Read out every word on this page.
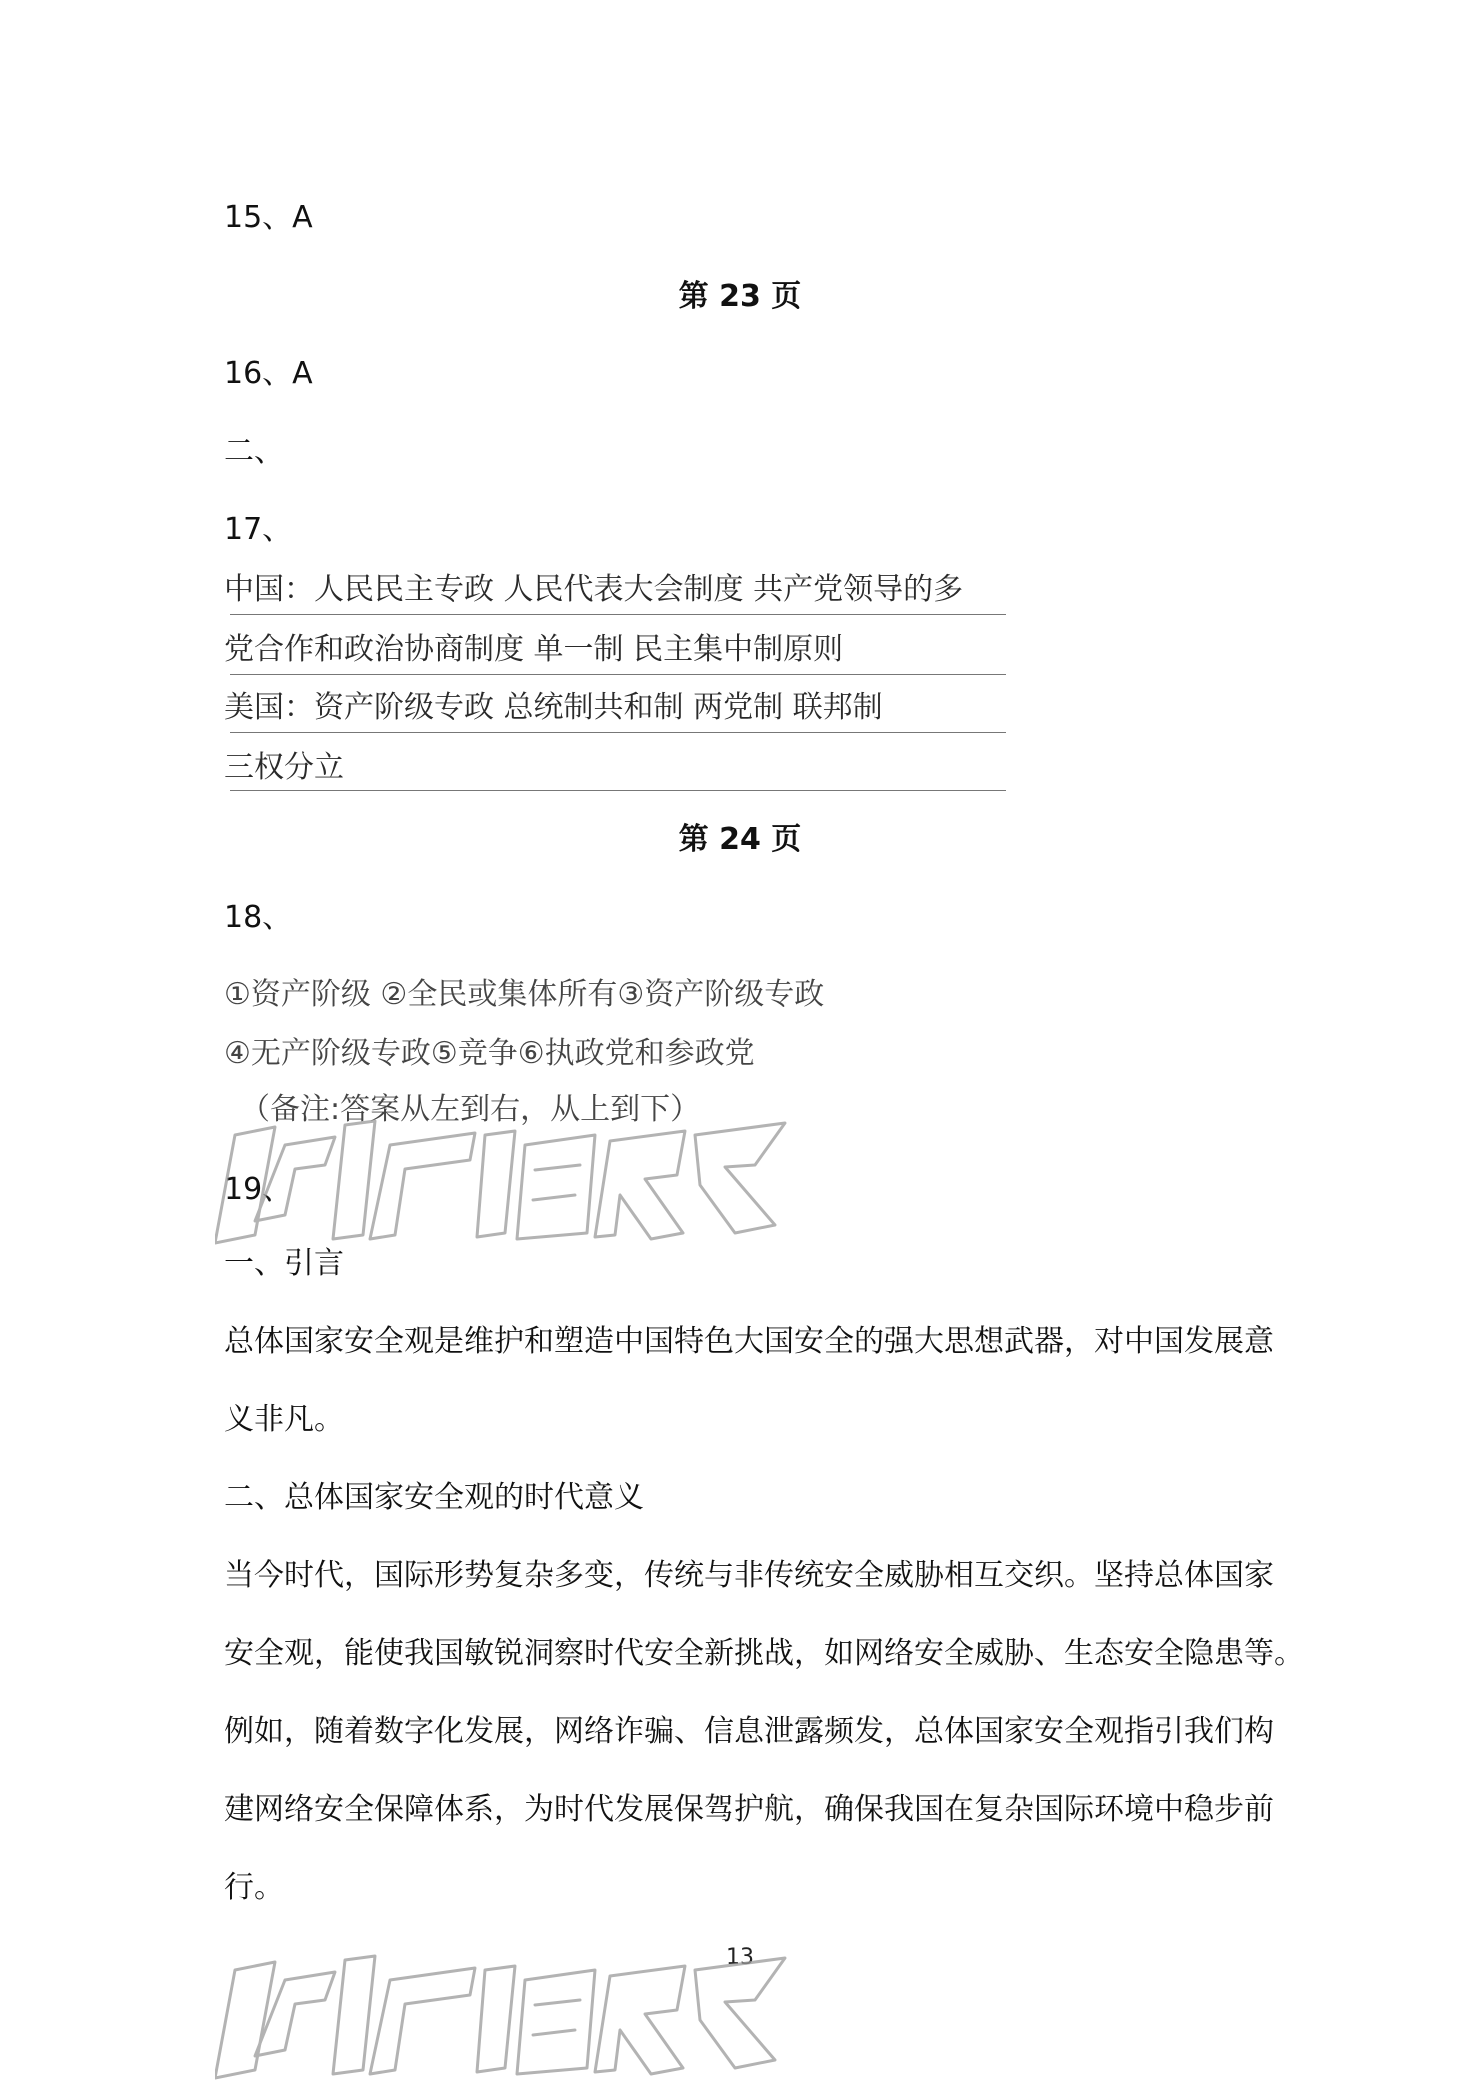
15、A
第 23 页
16、A
二、
17、
中国：人民民主专政 人民代表大会制度 共产党领导的多
党合作和政治协商制度 单一制 民主集中制原则
美国：资产阶级专政 总统制共和制 两党制 联邦制
三权分立
第 24 页
18、
①资产阶级 ②全民或集体所有③资产阶级专政
④无产阶级专政⑤竞争⑥执政党和参政党
（备注:答案从左到右，从上到下）
19、
一、引言
总体国家安全观是维护和塑造中国特色大国安全的强大思想武器，对中国发展意
义非凡。
二、总体国家安全观的时代意义
当今时代，国际形势复杂多变，传统与非传统安全威胁相互交织。坚持总体国家
安全观，能使我国敏锐洞察时代安全新挑战，如网络安全威胁、生态安全隐患等。
例如，随着数字化发展，网络诈骗、信息泄露频发，总体国家安全观指引我们构
建网络安全保障体系，为时代发展保驾护航，确保我国在复杂国际环境中稳步前
行。
13
